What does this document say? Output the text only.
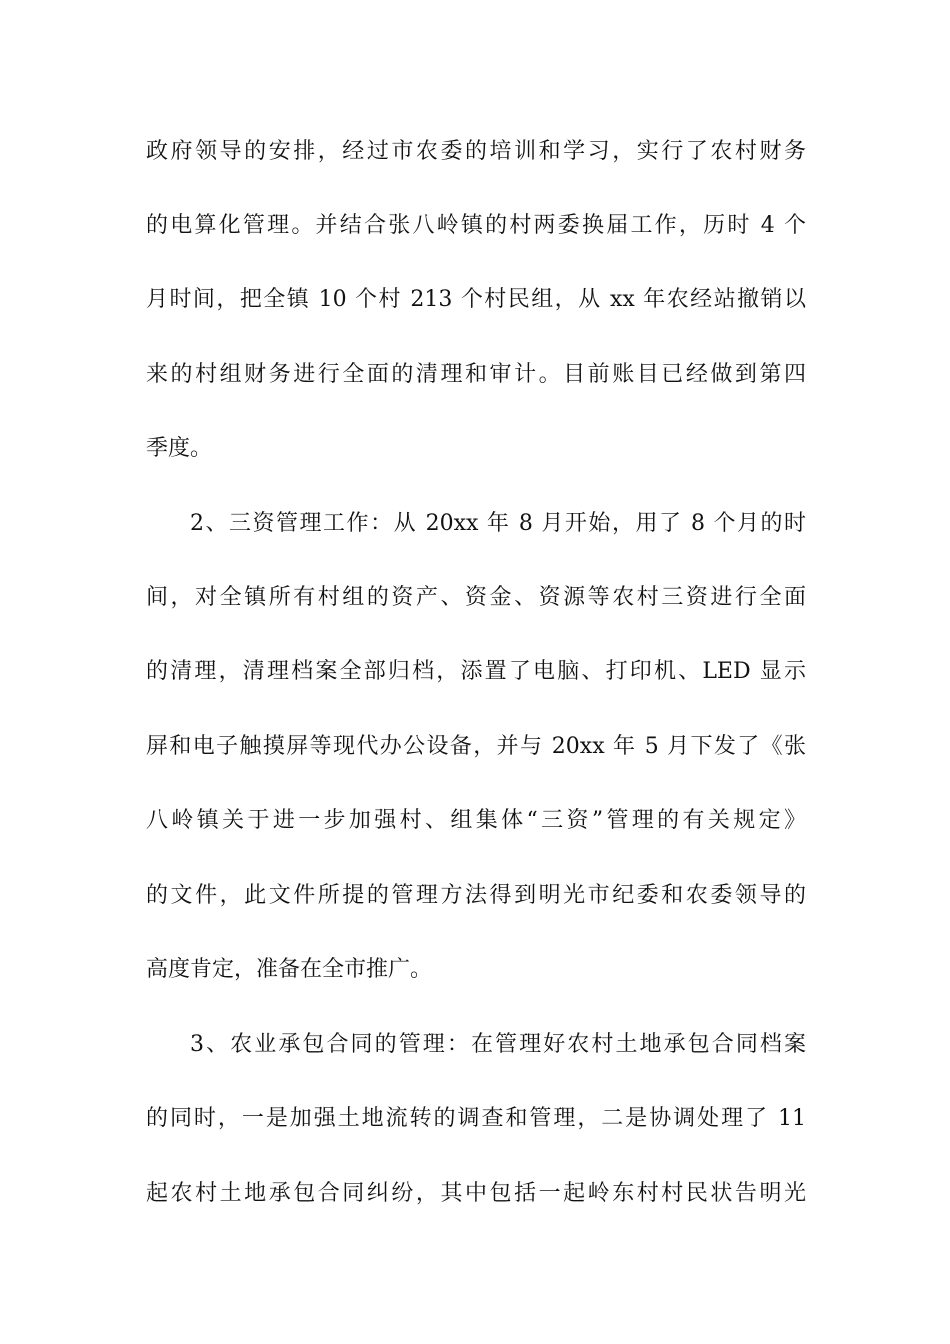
政府领导的安排，经过市农委的培训和学习，实行了农村财务
的电算化管理。并结合张八岭镇的村两委换届工作，历时 4 个
月时间，把全镇 10 个村 213 个村民组，从 xx 年农经站撤销以
来的村组财务进行全面的清理和审计。目前账目已经做到第四
季度。
2、三资管理工作：从 20xx 年 8 月开始，用了 8 个月的时
间，对全镇所有村组的资产、资金、资源等农村三资进行全面
的清理，清理档案全部归档，添置了电脑、打印机、LED 显示
屏和电子触摸屏等现代办公设备，并与 20xx 年 5 月下发了《张
八岭镇关于进一步加强村、组集体“三资”管理的有关规定》
的文件，此文件所提的管理方法得到明光市纪委和农委领导的
高度肯定，准备在全市推广。
3、农业承包合同的管理：在管理好农村土地承包合同档案
的同时，一是加强土地流转的调查和管理，二是协调处理了 11
起农村土地承包合同纠纷，其中包括一起岭东村村民状告明光
